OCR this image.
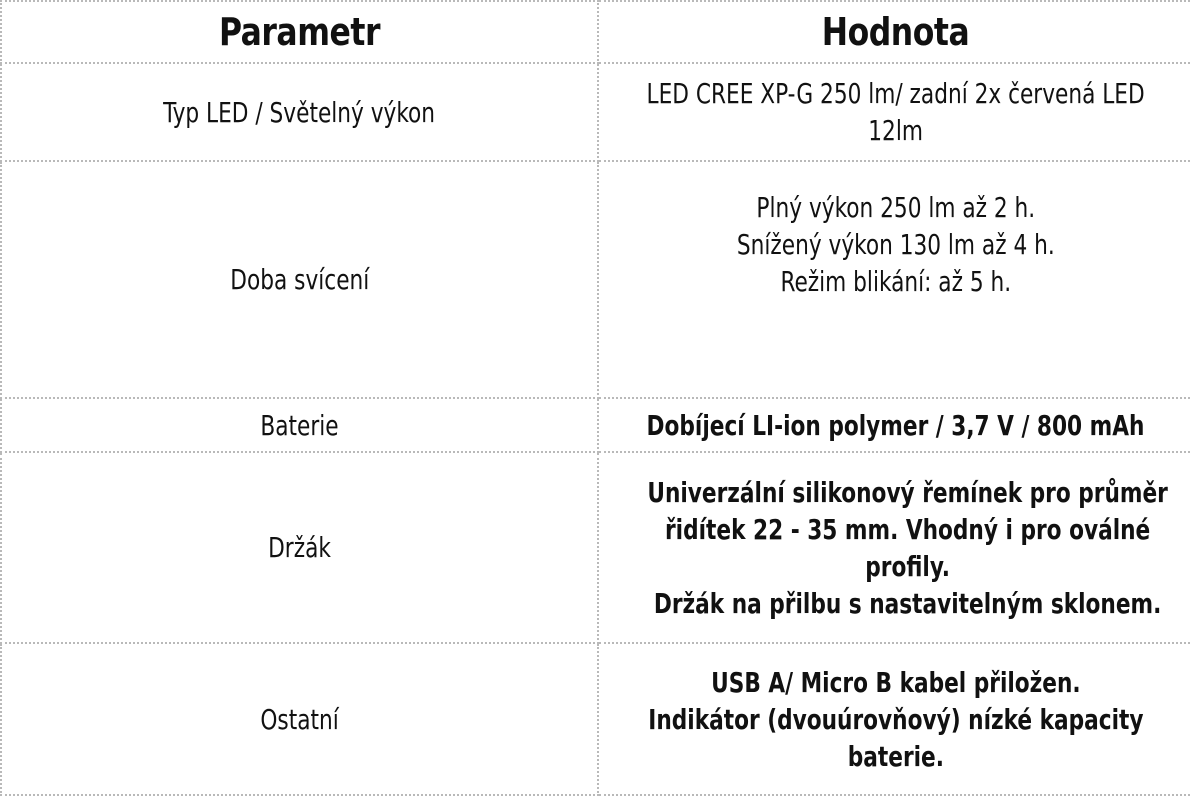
Parametr	Hodnota
Typ LED / Světelný výkon	LED CREE XP-G 250 lm/ zadní 2x červená LED
12lm

Doba svícení	Plný výkon 250 lm až 2 h.
Snížený výkon 130 lm až 4 h.
Režim blikání: až 5 h.

Baterie	Dobíjecí LI-ion polymer / 3,7 V / 800 mAh

Držák	Univerzální silikonový řemínek pro průměr
řidítek 22 - 35 mm. Vhodný i pro oválné
profily.
Držák na přilbu s nastavitelným sklonem.

Ostatní	USB A/ Micro B kabel přiložen.
Indikátor (dvouúrovňový) nízké kapacity
baterie.
